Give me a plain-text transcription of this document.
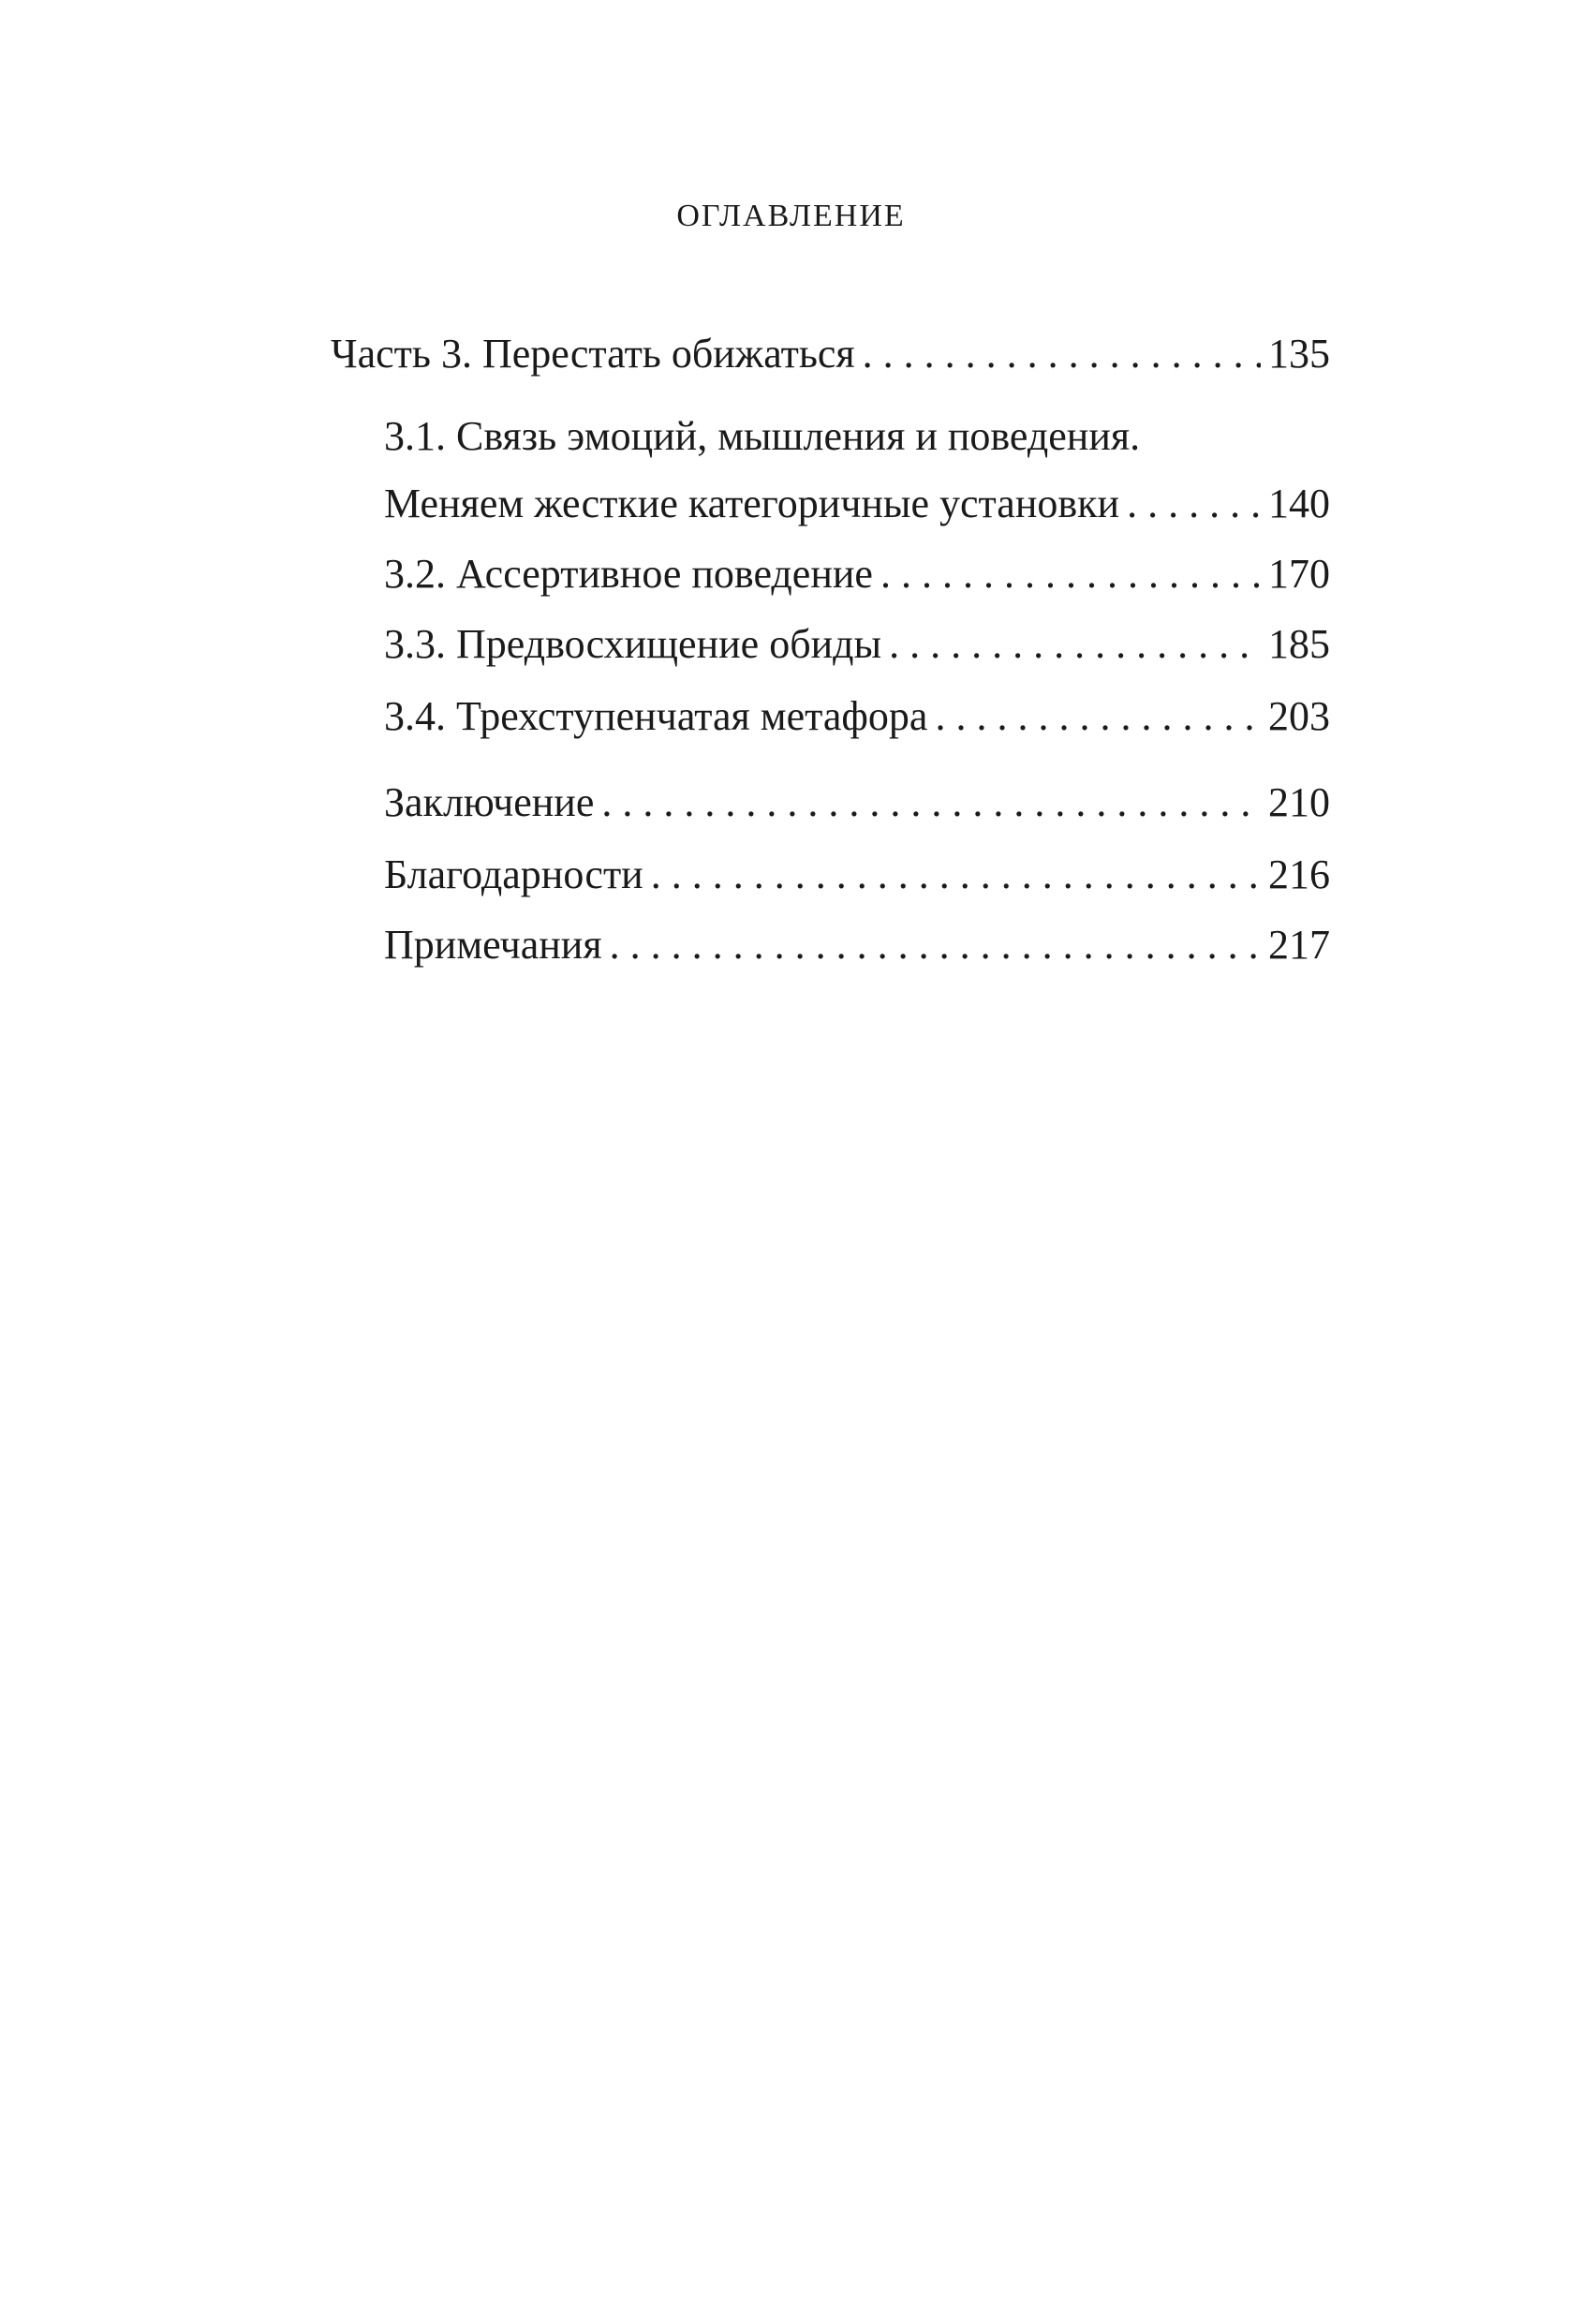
ОГЛАВЛЕНИЕ
Часть 3. Перестать обижаться . . .	135
3.1. Связь эмоций, мышления и поведения.
Меняем жесткие категоричные установки . . .	140
3.2. Ассертивное поведение . . .	170
3.3. Предвосхищение обиды . . .	185
3.4. Трехступенчатая метафора . . .	203
Заключение . . .	210
Благодарности . . .	216
Примечания . . .	217
